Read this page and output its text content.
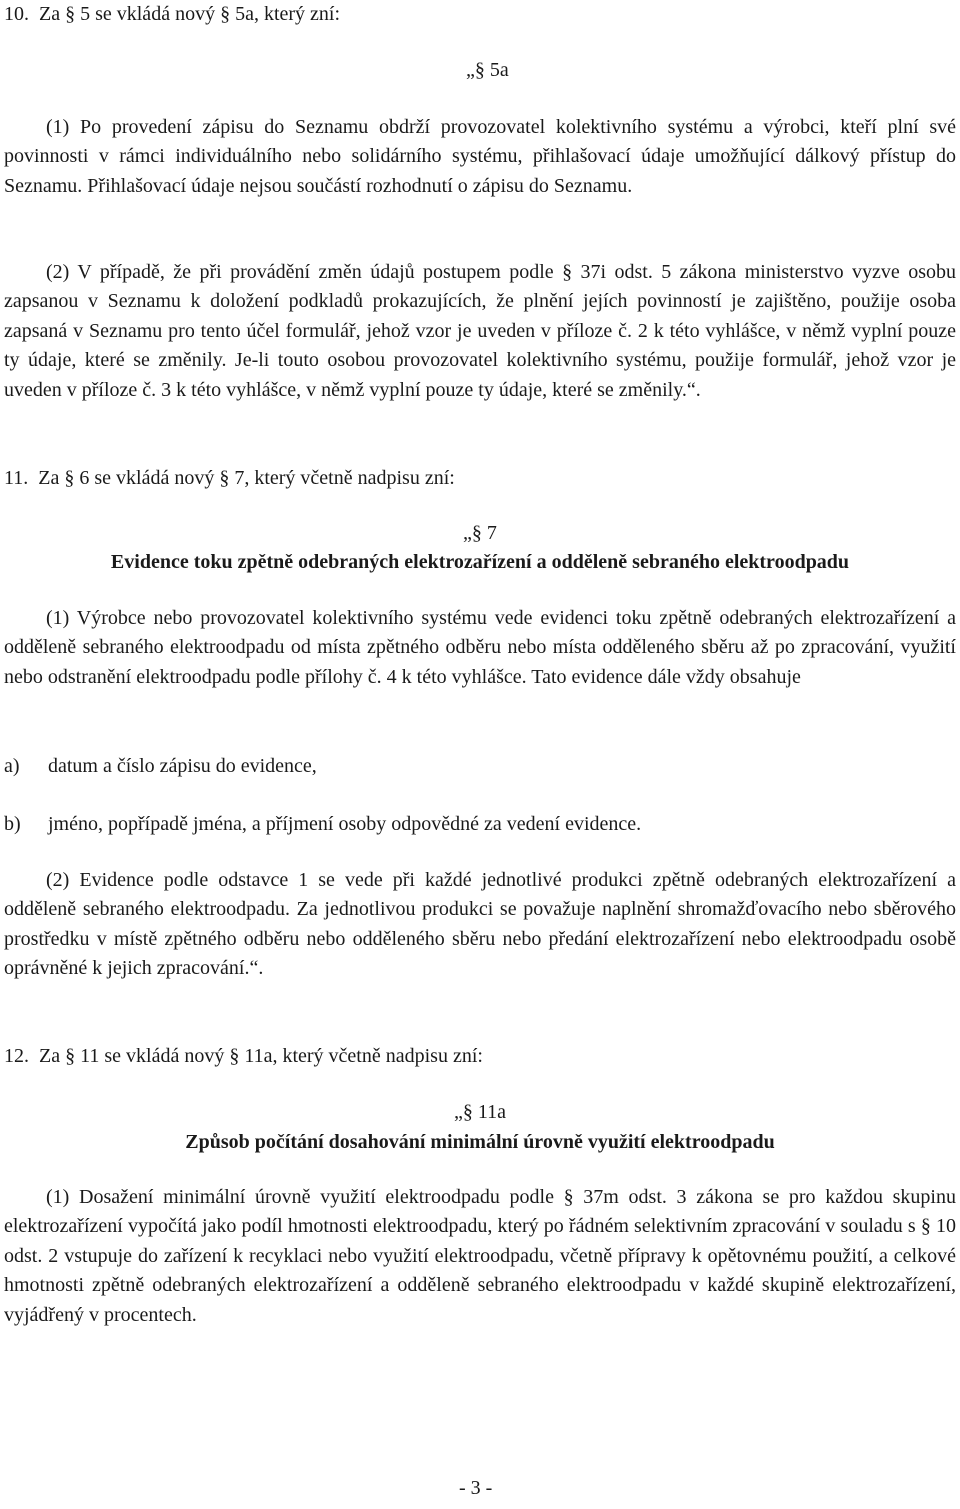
10.  Za § 5 se vkládá nový § 5a, který zní:

„§ 5a

(1) Po provedení zápisu do Seznamu obdrží provozovatel kolektivního systému a výrobci, kteří plní své povinnosti v rámci individuálního nebo solidárního systému, přihlašovací údaje umožňující dálkový přístup do Seznamu. Přihlašovací údaje nejsou součástí rozhodnutí o zápisu do Seznamu.

(2) V případě, že při provádění změn údajů postupem podle § 37i odst. 5 zákona ministerstvo vyzve osobu zapsanou v Seznamu k doložení podkladů prokazujících, že plnění jejích povinností je zajištěno, použije osoba zapsaná v Seznamu pro tento účel formulář, jehož vzor je uveden v příloze č. 2 k této vyhlášce, v němž vyplní pouze ty údaje, které se změnily. Je-li touto osobou provozovatel kolektivního systému, použije formulář, jehož vzor je uveden v příloze č. 3 k této vyhlášce, v němž vyplní pouze ty údaje, které se změnily.“.

11.  Za § 6 se vkládá nový § 7, který včetně nadpisu zní:

„§ 7

Evidence toku zpětně odebraných elektrozařízení a odděleně sebraného elektroodpadu

(1) Výrobce nebo provozovatel kolektivního systému vede evidenci toku zpětně odebraných elektrozařízení a odděleně sebraného elektroodpadu od místa zpětného odběru nebo místa odděleného sběru až po zpracování, využití nebo odstranění elektroodpadu podle přílohy č. 4 k této vyhlášce. Tato evidence dále vždy obsahuje

a) datum a číslo zápisu do evidence,

b) jméno, popřípadě jména, a příjmení osoby odpovědné za vedení evidence.

(2) Evidence podle odstavce 1 se vede při každé jednotlivé produkci zpětně odebraných elektrozařízení a odděleně sebraného elektroodpadu. Za jednotlivou produkci se považuje naplnění shromažďovacího nebo sběrového prostředku v místě zpětného odběru nebo odděleného sběru nebo předání elektrozařízení nebo elektroodpadu osobě oprávněné k jejich zpracování.“.

12.  Za § 11 se vkládá nový § 11a, který včetně nadpisu zní:

„§ 11a

Způsob počítání dosahování minimální úrovně využití elektroodpadu

(1) Dosažení minimální úrovně využití elektroodpadu podle § 37m odst. 3 zákona se pro každou skupinu elektrozařízení vypočítá jako podíl hmotnosti elektroodpadu, který po řádném selektivním zpracování v souladu s § 10 odst. 2 vstupuje do zařízení k recyklaci nebo využití elektroodpadu, včetně přípravy k opětovnému použití, a celkové hmotnosti zpětně odebraných elektrozařízení a odděleně sebraného elektroodpadu v každé skupině elektrozařízení, vyjádřený v procentech.

- 3 -
